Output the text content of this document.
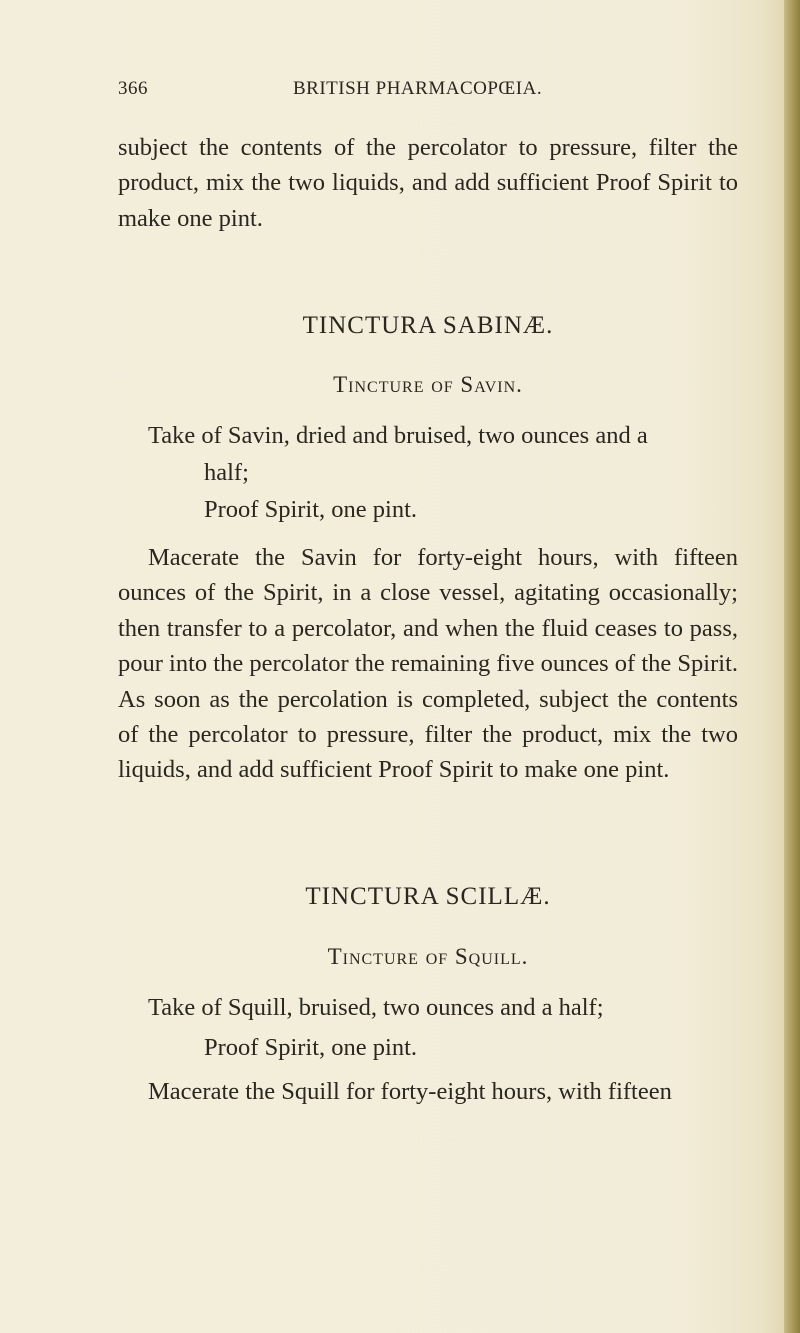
366	BRITISH PHARMACOPŒIA.

subject the contents of the percolator to pressure, filter the product, mix the two liquids, and add sufficient Proof Spirit to make one pint.

TINCTURA SABINÆ.
Tincture of Savin.
Take of Savin, dried and bruised, two ounces and a
half;
Proof Spirit, one pint.

Macerate the Savin for forty-eight hours, with fifteen ounces of the Spirit, in a close vessel, agitating occasionally; then transfer to a percolator, and when the fluid ceases to pass, pour into the percolator the remaining five ounces of the Spirit. As soon as the percolation is completed, subject the contents of the percolator to pressure, filter the product, mix the two liquids, and add sufficient Proof Spirit to make one pint.

TINCTURA SCILLÆ.
Tincture of Squill.
Take of Squill, bruised, two ounces and a half;
Proof Spirit, one pint.
Macerate the Squill for forty-eight hours, with fifteen
